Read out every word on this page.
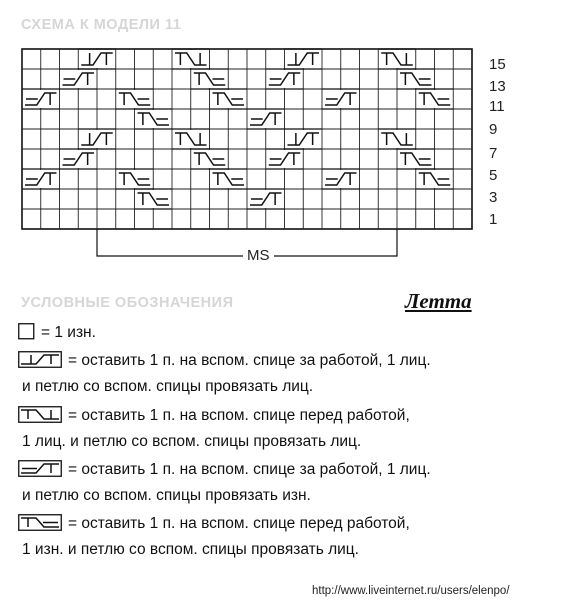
СХЕМА К МОДЕЛИ 11
15
13
11
9
7
5
3
1
MS
УСЛОВНЫЕ ОБОЗНАЧЕНИЯ	Летта
= 1 изн.
= оставить 1 п. на вспом. спице за работой, 1 лиц.
и петлю со вспом. спицы провязать лиц.
= оставить 1 п. на вспом. спице перед работой,
1 лиц. и петлю со вспом. спицы провязать лиц.
= оставить 1 п. на вспом. спице за работой, 1 лиц.
и петлю со вспом. спицы провязать изн.
= оставить 1 п. на вспом. спице перед работой,
1 изн. и петлю со вспом. спицы провязать лиц.
http://www.liveinternet.ru/users/elenpo/
